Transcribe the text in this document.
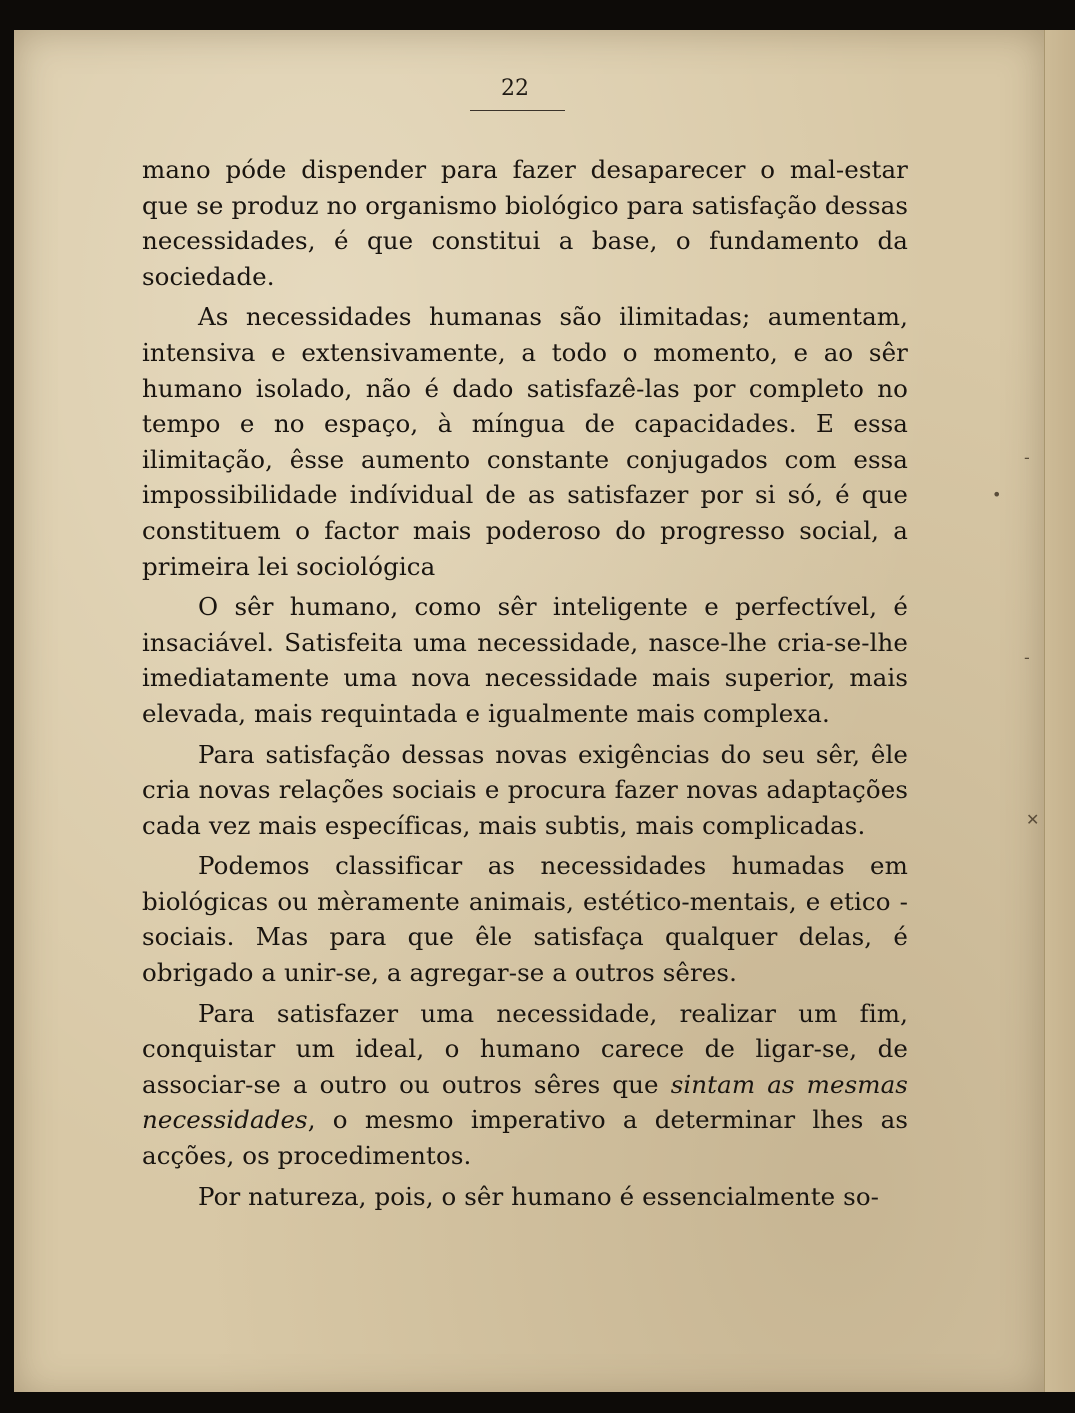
22

mano póde dispender para fazer desaparecer o mal-estar que se produz no organismo biológico para satisfação dessas necessidades, é que constitui a base, o fundamento da sociedade.

As necessidades humanas são ilimitadas; aumentam, intensiva e extensivamente, a todo o momento, e ao sêr humano isolado, não é dado satisfazê-las por completo no tempo e no espaço, à míngua de capacidades. E essa ilimitação, êsse aumento constante conjugados com essa impossibilidade indívidual de as satisfazer por si só, é que constituem o factor mais poderoso do progresso social, a primeira lei sociológica

O sêr humano, como sêr inteligente e perfectível, é insaciável. Satisfeita uma necessidade, nasce-lhe cria-se-lhe imediatamente uma nova necessidade mais superior, mais elevada, mais requintada e igualmente mais complexa.

Para satisfação dessas novas exigências do seu sêr, êle cria novas relações sociais e procura fazer novas adaptações cada vez mais específicas, mais subtis, mais complicadas.

Podemos classificar as necessidades humadas em biológicas ou mèramente animais, estético-mentais, e etico -sociais. Mas para que êle satisfaça qualquer delas, é obrigado a unir-se, a agregar-se a outros sêres.

Para satisfazer uma necessidade, realizar um fim, conquistar um ideal, o humano carece de ligar-se, de associar-se a outro ou outros sêres que sintam as mesmas necessidades, o mesmo imperativo a determinar lhes as acções, os procedimentos.

Por natureza, pois, o sêr humano é essencialmente so-

-
•
-
✕
